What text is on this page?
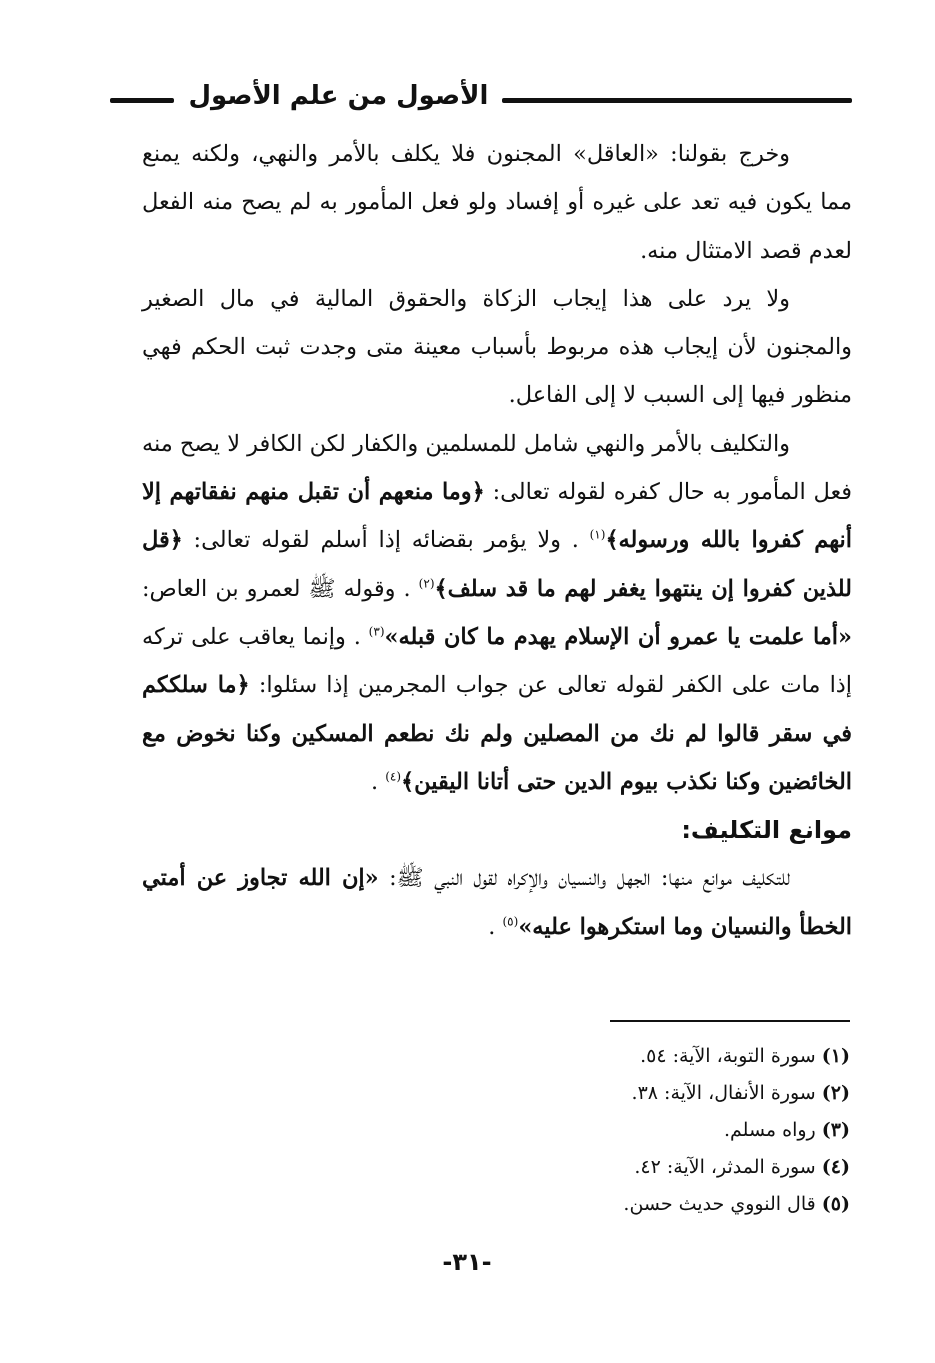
الأصول من علم الأصول

وخرج بقولنا: «العاقل» المجنون فلا يكلف بالأمر والنهي، ولكنه يمنع مما يكون فيه تعد على غيره أو إفساد ولو فعل المأمور به لم يصح منه الفعل لعدم قصد الامتثال منه.

ولا يرد على هذا إيجاب الزكاة والحقوق المالية في مال الصغير والمجنون لأن إيجاب هذه مربوط بأسباب معينة متى وجدت ثبت الحكم فهي منظور فيها إلى السبب لا إلى الفاعل.

والتكليف بالأمر والنهي شامل للمسلمين والكفار لكن الكافر لا يصح منه فعل المأمور به حال كفره لقوله تعالى: ﴿وما منعهم أن تقبل منهم نفقاتهم إلا أنهم كفروا بالله ورسوله﴾$^{(١)}$ . ولا يؤمر بقضائه إذا أسلم لقوله تعالى: ﴿قل للذين كفروا إن ينتهوا يغفر لهم ما قد سلف﴾$^{(٢)}$ . وقوله ﷺ لعمرو بن العاص: «أما علمت يا عمرو أن الإسلام يهدم ما كان قبله»$^{(٣)}$ . وإنما يعاقب على تركه إذا مات على الكفر لقوله تعالى عن جواب المجرمين إذا سئلوا: ﴿ما سلككم في سقر قالوا لم نك من المصلين ولم نك نطعم المسكين وكنا نخوض مع الخائضين وكنا نكذب بيوم الدين حتى أتانا اليقين﴾$^{(٤)}$ .

موانع التكليف:

للتكليف موانع منها: الجهل والنسيان والإكراه لقول النبي ﷺ: «إن الله تجاوز عن أمتي الخطأ والنسيان وما استكرهوا عليه»$^{(٥)}$ .

(١) سورة التوبة، الآية: ٥٤.
(٢) سورة الأنفال، الآية: ٣٨.
(٣) رواه مسلم.
(٤) سورة المدثر، الآية: ٤٢.
(٥) قال النووي حديث حسن.
-٣١-
